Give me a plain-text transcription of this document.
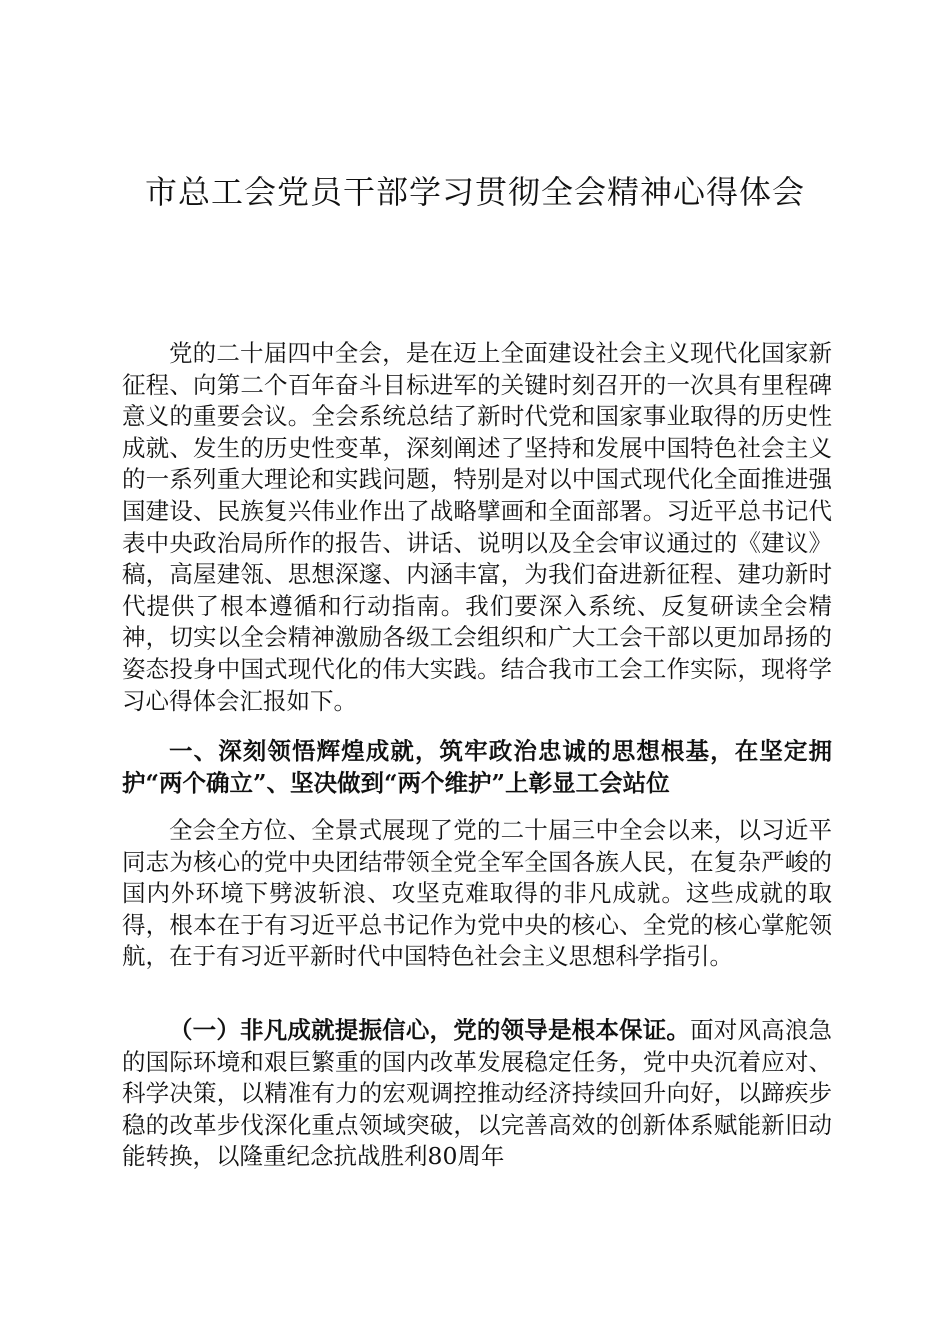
市总工会党员干部学习贯彻全会精神心得体会

党的二十届四中全会，是在迈上全面建设社会主义现代化国家新征程、向第二个百年奋斗目标进军的关键时刻召开的一次具有里程碑意义的重要会议。全会系统总结了新时代党和国家事业取得的历史性成就、发生的历史性变革，深刻阐述了坚持和发展中国特色社会主义的一系列重大理论和实践问题，特别是对以中国式现代化全面推进强国建设、民族复兴伟业作出了战略擘画和全面部署。习近平总书记代表中央政治局所作的报告、讲话、说明以及全会审议通过的《建议》稿，高屋建瓴、思想深邃、内涵丰富，为我们奋进新征程、建功新时代提供了根本遵循和行动指南。我们要深入系统、反复研读全会精神，切实以全会精神激励各级工会组织和广大工会干部以更加昂扬的姿态投身中国式现代化的伟大实践。结合我市工会工作实际，现将学习心得体会汇报如下。

一、深刻领悟辉煌成就，筑牢政治忠诚的思想根基，在坚定拥护“两个确立”、坚决做到“两个维护”上彰显工会站位

全会全方位、全景式展现了党的二十届三中全会以来，以习近平同志为核心的党中央团结带领全党全军全国各族人民，在复杂严峻的国内外环境下劈波斩浪、攻坚克难取得的非凡成就。这些成就的取得，根本在于有习近平总书记作为党中央的核心、全党的核心掌舵领航，在于有习近平新时代中国特色社会主义思想科学指引。

（一）非凡成就提振信心，党的领导是根本保证。面对风高浪急的国际环境和艰巨繁重的国内改革发展稳定任务，党中央沉着应对、科学决策，以精准有力的宏观调控推动经济持续回升向好，以蹄疾步稳的改革步伐深化重点领域突破，以完善高效的创新体系赋能新旧动能转换，以隆重纪念抗战胜利80周年
